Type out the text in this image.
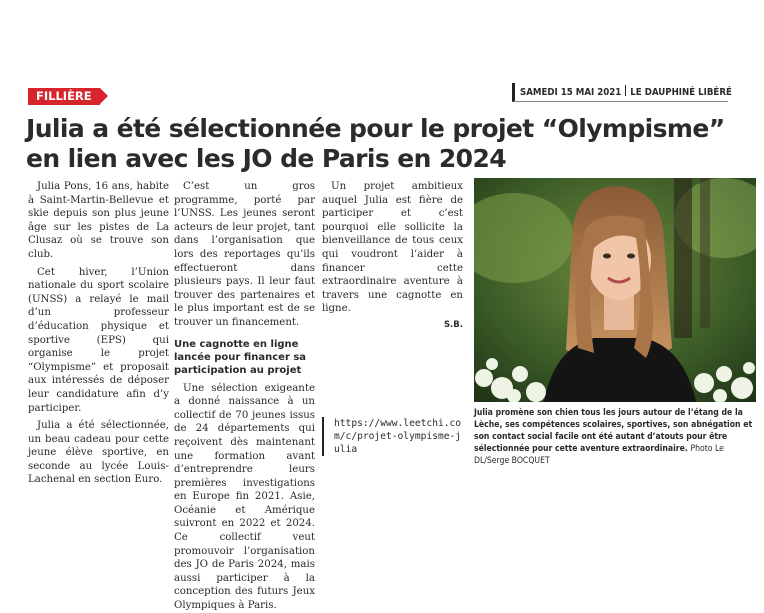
FILLIÈRE	SAMEDI 15 MAI 2021 LE DAUPHINÉ LIBÉRÉ
Julia a été sélectionnée pour le projet “Olympisme”
en lien avec les JO de Paris en 2024

Julia Pons, 16 ans, habite à Saint-Martin-Bellevue et skie depuis son plus jeune âge sur les pistes de La Clusaz où se trouve son club.

Cet hiver, l’Union nationale du sport scolaire (UNSS) a relayé le mail d’un professeur d’éducation physique et sportive (EPS) qui organise le projet “Olympisme” et proposait aux intéressés de déposer leur candidature afin d’y participer.

Julia a été sélectionnée, un beau cadeau pour cette jeune élève sportive, en seconde au lycée Louis-Lachenal en section Euro.

C’est un gros programme, porté par l’UNSS. Les jeunes seront acteurs de leur projet, tant dans l’organisation que lors des reportages qu’ils effectueront dans plusieurs pays. Il leur faut trouver des partenaires et le plus important est de se trouver un financement.

Une cagnotte en ligne lancée pour financer sa participation au projet

Une sélection exigeante a donné naissance à un collectif de 70 jeunes issus de 24 départements qui reçoivent dès maintenant une formation avant d’entreprendre leurs premières investigations en Europe fin 2021. Asie, Océanie et Amérique suivront en 2022 et 2024. Ce collectif veut promouvoir l’organisation des JO de Paris 2024, mais aussi participer à la conception des futurs Jeux Olympiques à Paris.

Un projet ambitieux auquel Julia est fière de participer et c’est pourquoi elle sollicite la bienveillance de tous ceux qui voudront l’aider à financer cette extraordinaire aventure à travers une cagnotte en ligne.

S.B.
https://www.leetchi.com/c/projet-olympisme-julia
Julia promène son chien tous les jours autour de l’étang de la Lèche, ses compétences scolaires, sportives, son abnégation et son contact social facile ont été autant d’atouts pour être sélectionnée pour cette aventure extraordinaire. Photo Le DL/Serge BOCQUET
